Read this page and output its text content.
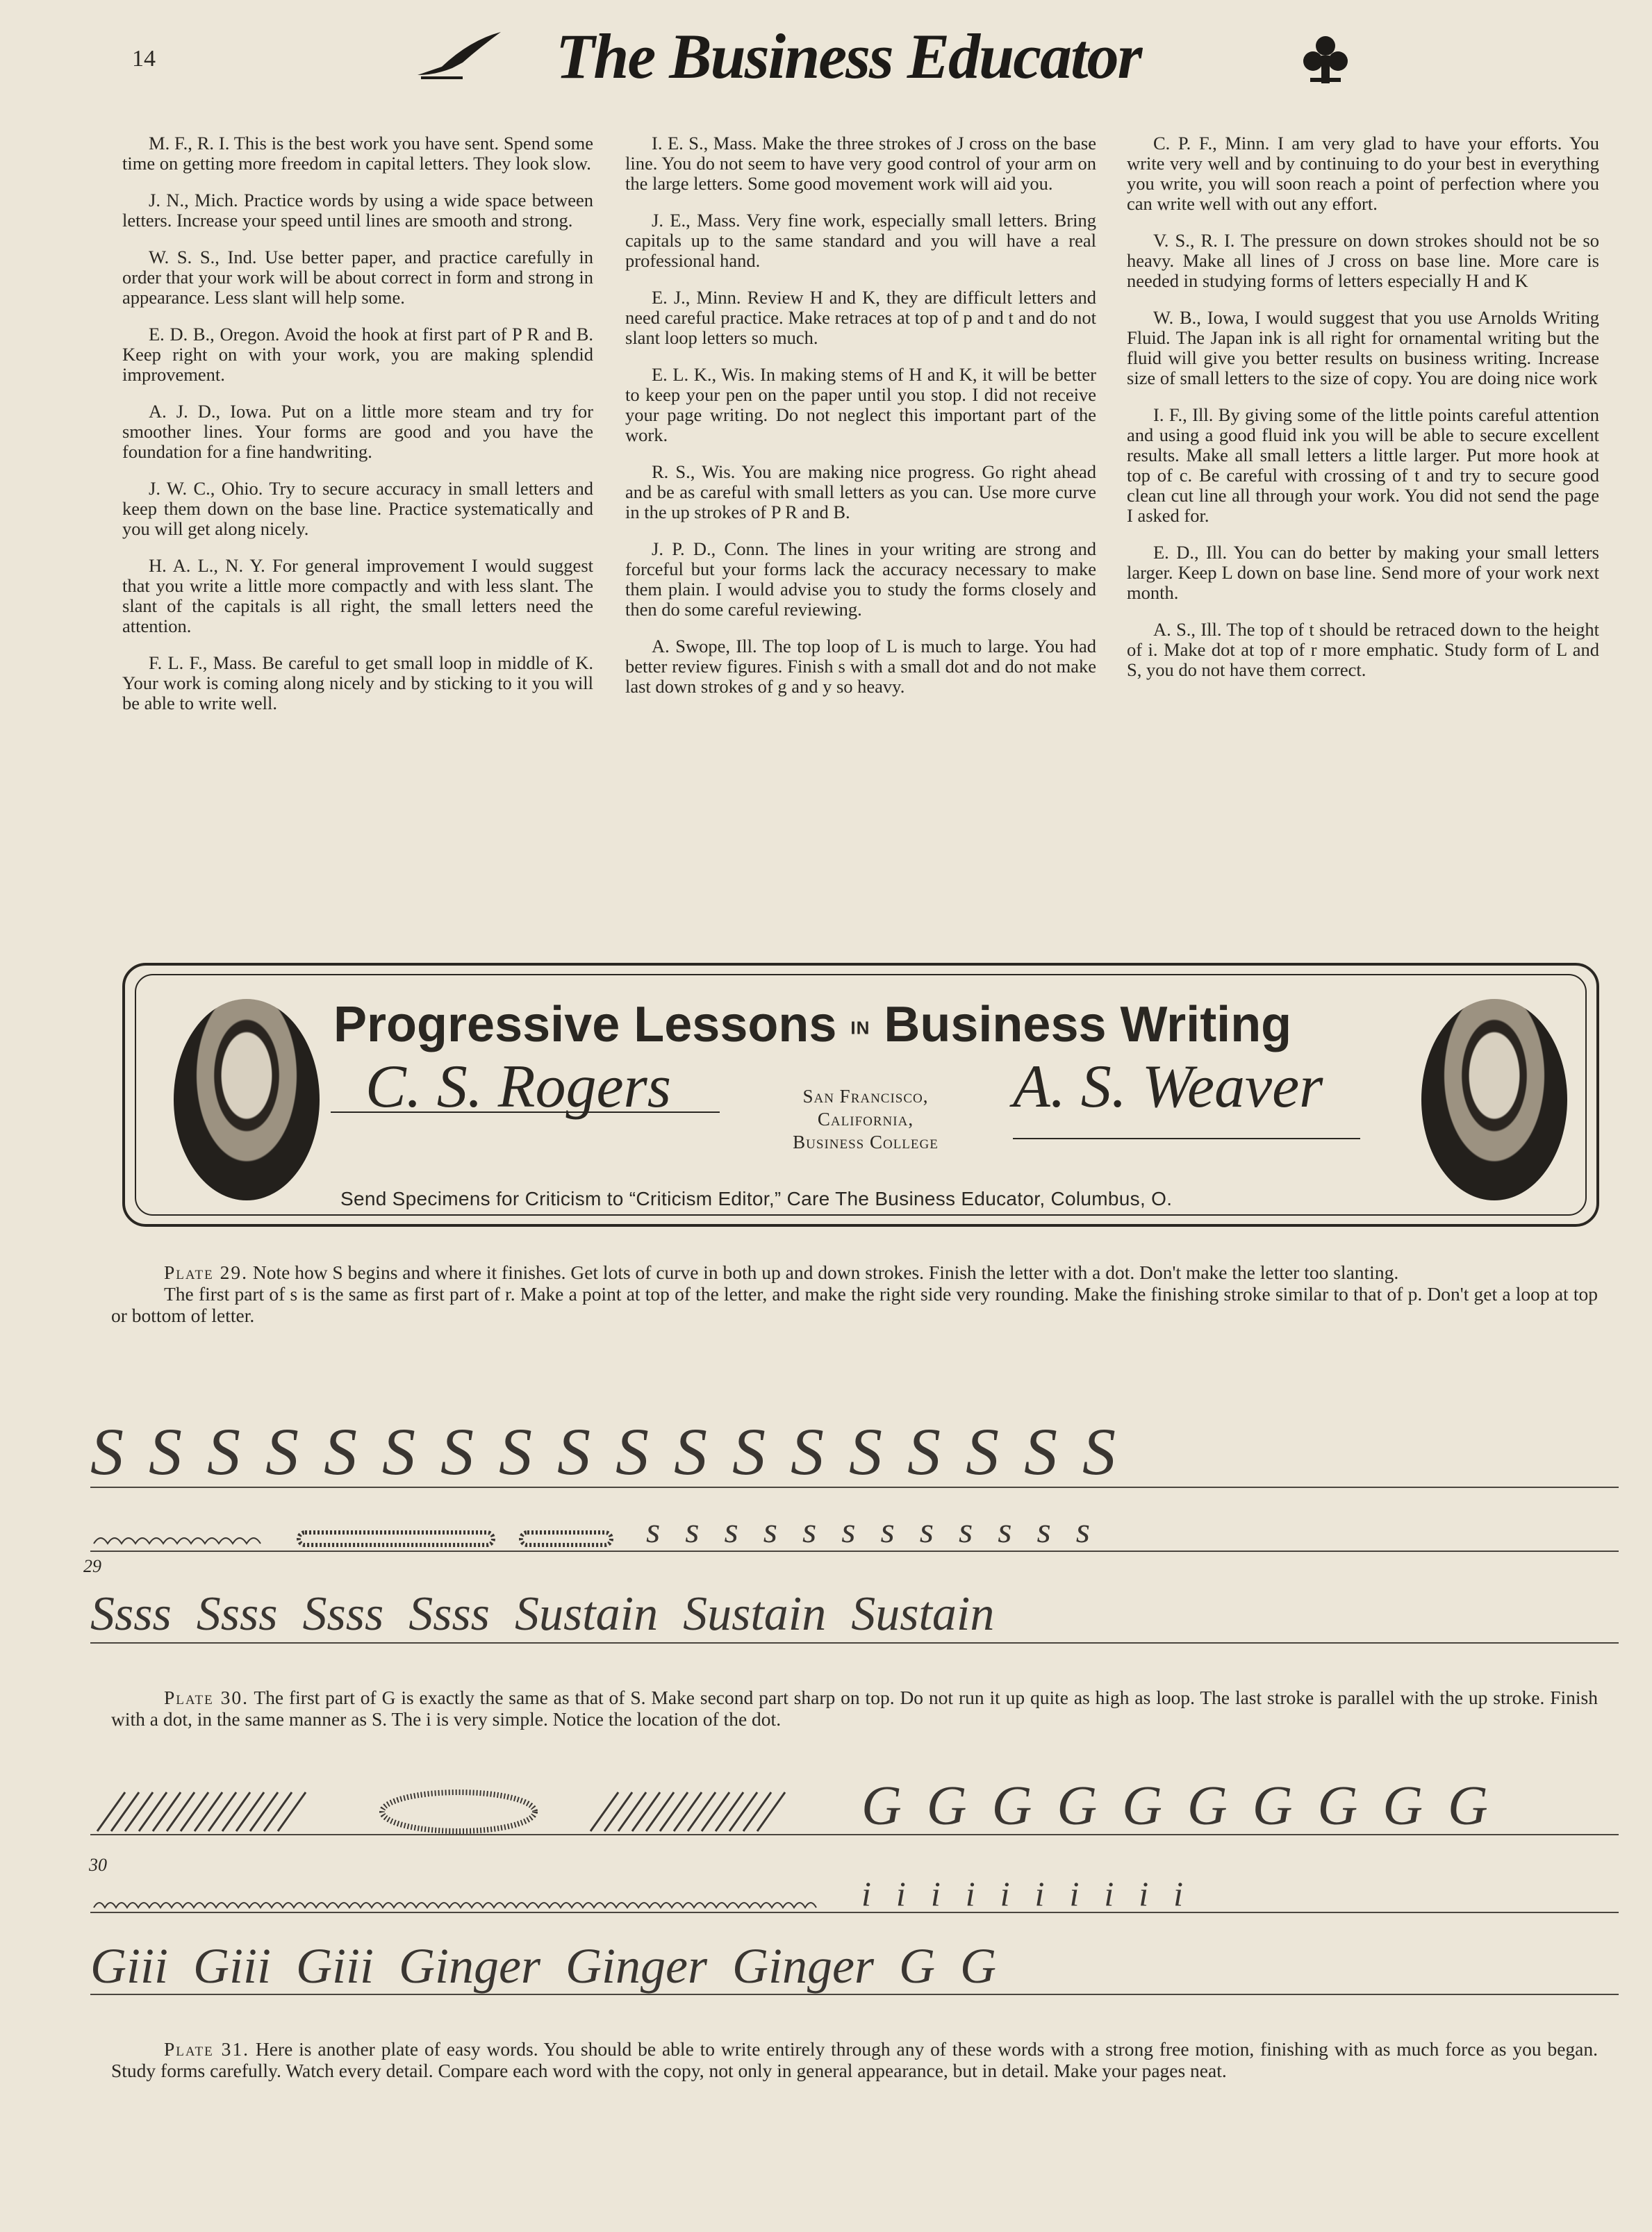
14	The Business Educator

M. F., R. I. This is the best work you have sent. Spend some time on getting more freedom in capital letters. They look slow.

J. N., Mich. Practice words by using a wide space between letters. Increase your speed until lines are smooth and strong.

W. S. S., Ind. Use better paper, and practice carefully in order that your work will be about correct in form and strong in appearance. Less slant will help some.

E. D. B., Oregon. Avoid the hook at first part of P R and B. Keep right on with your work, you are making splendid improvement.

A. J. D., Iowa. Put on a little more steam and try for smoother lines. Your forms are good and you have the foundation for a fine handwriting.

J. W. C., Ohio. Try to secure accuracy in small letters and keep them down on the base line. Practice systematically and you will get along nicely.

H. A. L., N. Y. For general improvement I would suggest that you write a little more compactly and with less slant. The slant of the capitals is all right, the small letters need the attention.

F. L. F., Mass. Be careful to get small loop in middle of K. Your work is coming along nicely and by sticking to it you will be able to write well.

I. E. S., Mass. Make the three strokes of J cross on the base line. You do not seem to have very good control of your arm on the large letters. Some good movement work will aid you.

J. E., Mass. Very fine work, especially small letters. Bring capitals up to the same standard and you will have a real professional hand.

E. J., Minn. Review H and K, they are difficult letters and need careful practice. Make retraces at top of p and t and do not slant loop letters so much.

E. L. K., Wis. In making stems of H and K, it will be better to keep your pen on the paper until you stop. I did not receive your page writing. Do not neglect this important part of the work.

R. S., Wis. You are making nice progress. Go right ahead and be as careful with small letters as you can. Use more curve in the up strokes of P R and B.

J. P. D., Conn. The lines in your writing are strong and forceful but your forms lack the accuracy necessary to make them plain. I would advise you to study the forms closely and then do some careful reviewing.

A. Swope, Ill. The top loop of L is much to large. You had better review figures. Finish s with a small dot and do not make last down strokes of g and y so heavy.

C. P. F., Minn. I am very glad to have your efforts. You write very well and by continuing to do your best in everything you write, you will soon reach a point of perfection where you can write well with out any effort.

V. S., R. I. The pressure on down strokes should not be so heavy. Make all lines of J cross on base line. More care is needed in studying forms of letters especially H and K

W. B., Iowa, I would suggest that you use Arnolds Writing Fluid. The Japan ink is all right for ornamental writing but the fluid will give you better results on business writing. Increase size of small letters to the size of copy. You are doing nice work

I. F., Ill. By giving some of the little points careful attention and using a good fluid ink you will be able to secure excellent results. Make all small letters a little larger. Put more hook at top of c. Be careful with crossing of t and try to secure good clean cut line all through your work. You did not send the page I asked for.

E. D., Ill. You can do better by making your small letters larger. Keep L down on base line. Send more of your work next month.

A. S., Ill. The top of t should be retraced down to the height of i. Make dot at top of r more emphatic. Study form of L and S, you do not have them correct.

Progressive Lessons IN Business Writing
C. S. Rogers	San Francisco,
California,
Business College
A. S. Weaver
Send Specimens for Criticism to “Criticism Editor,” Care The Business Educator, Columbus, O.

Plate 29. Note how S begins and where it finishes. Get lots of curve in both up and down strokes. Finish the letter with a dot. Don't make the letter too slanting.

The first part of s is the same as first part of r. Make a point at top of the letter, and make the right side very rounding. Make the finishing stroke similar to that of p. Don't get a loop at top or bottom of letter.

S S S S S S S S S S S S S S S S S S
29
s s s s s s s s s s s s
Ssss Ssss Ssss Ssss Sustain Sustain Sustain

Plate 30. The first part of G is exactly the same as that of S. Make second part sharp on top. Do not run it up quite as high as loop. The last stroke is parallel with the up stroke. Finish with a dot, in the same manner as S. The i is very simple. Notice the location of the dot.

G G G G G G G G G G
30
i i i i i i i i i i
Giii Giii Giii Ginger Ginger Ginger G G

Plate 31. Here is another plate of easy words. You should be able to write entirely through any of these words with a strong free motion, finishing with as much force as you began. Study forms carefully. Watch every detail. Compare each word with the copy, not only in general appearance, but in detail. Make your pages neat.
